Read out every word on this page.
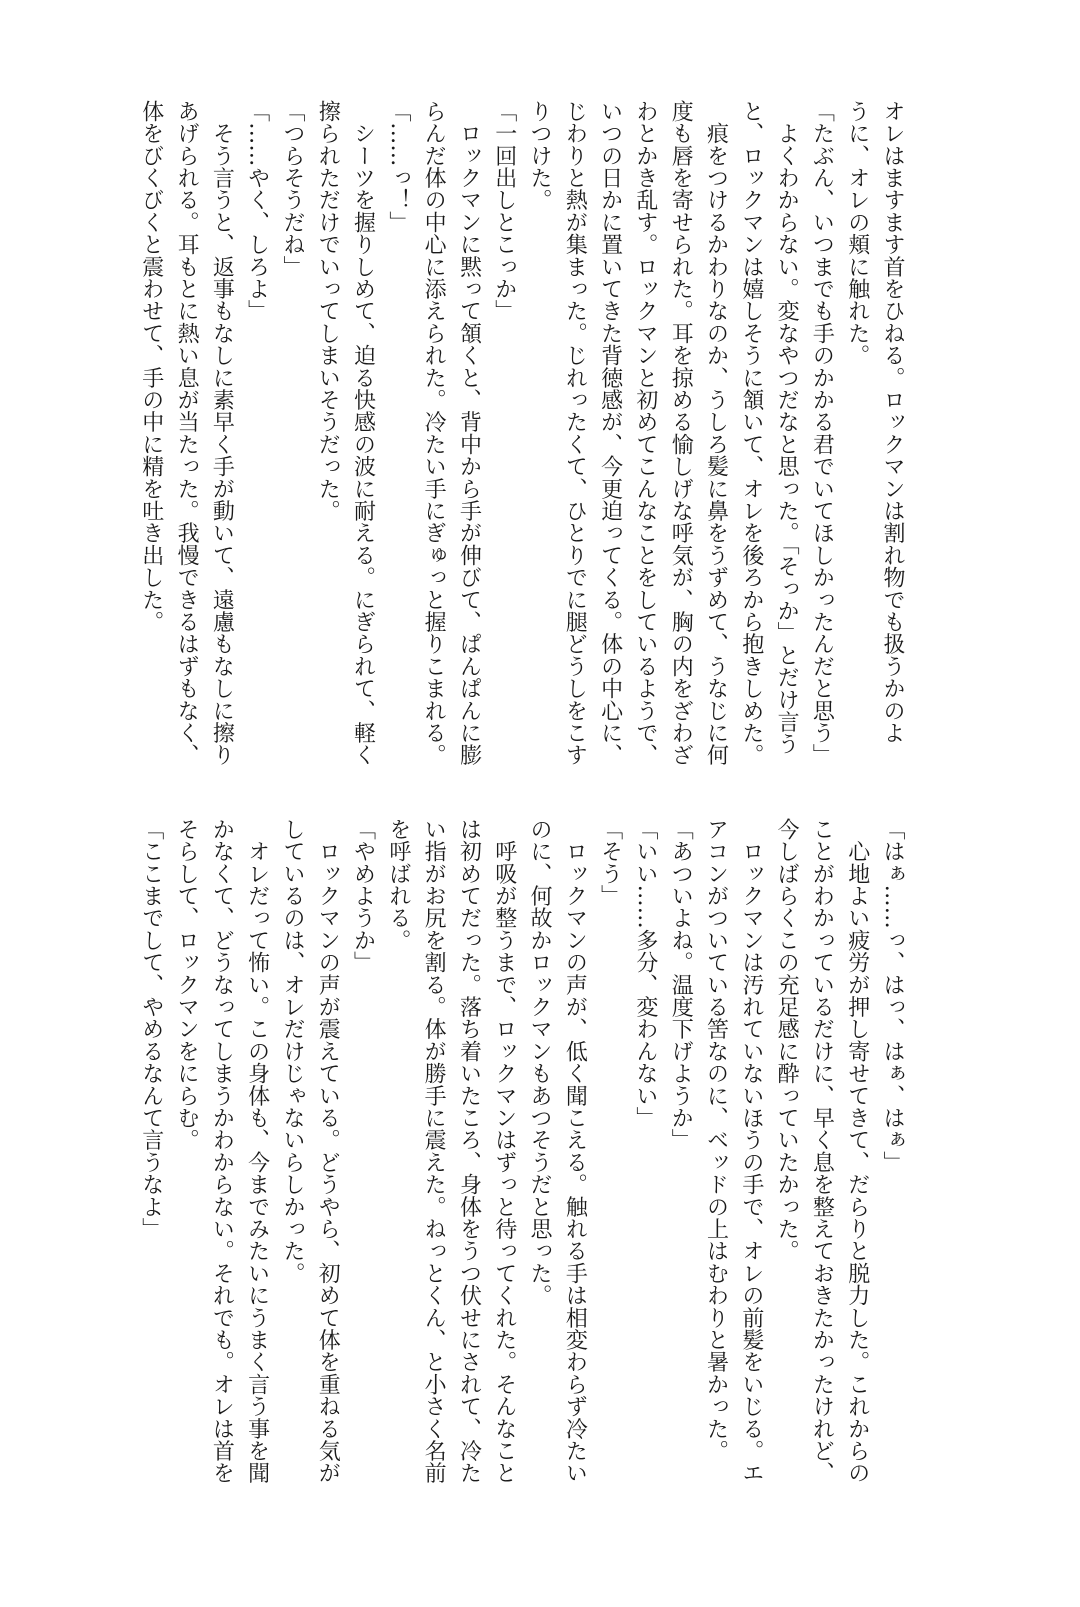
オレはますます首をひねる。ロックマンは割れ物でも扱うかのよ
うに、オレの頬に触れた。
「たぶん、いつまでも手のかかる君でいてほしかったんだと思う」
　よくわからない。変なやつだなと思った。「そっか」とだけ言う
と、ロックマンは嬉しそうに頷いて、オレを後ろから抱きしめた。
　痕をつけるかわりなのか、うしろ髪に鼻をうずめて、うなじに何
度も唇を寄せられた。耳を掠める愉しげな呼気が、胸の内をざわざ
わとかき乱す。ロックマンと初めてこんなことをしているようで、
いつの日かに置いてきた背徳感が、今更迫ってくる。体の中心に、
じわりと熱が集まった。じれったくて、ひとりでに腿どうしをこす
りつけた。
「一回出しとこっか」
　ロックマンに黙って頷くと、背中から手が伸びて、ぱんぱんに膨
らんだ体の中心に添えられた。冷たい手にぎゅっと握りこまれる。
「……っ！」
　シーツを握りしめて、迫る快感の波に耐える。にぎられて、軽く
擦られただけでいってしまいそうだった。
「つらそうだね」
「……やく、しろよ」
　そう言うと、返事もなしに素早く手が動いて、遠慮もなしに擦り
あげられる。耳もとに熱い息が当たった。我慢できるはずもなく、
体をびくびくと震わせて、手の中に精を吐き出した。
「はぁ……っ、はっ、はぁ、はぁ」
　心地よい疲労が押し寄せてきて、だらりと脱力した。これからの
ことがわかっているだけに、早く息を整えておきたかったけれど、
今しばらくこの充足感に酔っていたかった。
　ロックマンは汚れていないほうの手で、オレの前髪をいじる。エ
アコンがついている筈なのに、ベッドの上はむわりと暑かった。
「あついよね。温度下げようか」
「いい……多分、変わんない」
「そう」
　ロックマンの声が、低く聞こえる。触れる手は相変わらず冷たい
のに、何故かロックマンもあつそうだと思った。
　呼吸が整うまで、ロックマンはずっと待ってくれた。そんなこと
は初めてだった。落ち着いたころ、身体をうつ伏せにされて、冷た
い指がお尻を割る。体が勝手に震えた。ねっとくん、と小さく名前
を呼ばれる。
「やめようか」
　ロックマンの声が震えている。どうやら、初めて体を重ねる気が
しているのは、オレだけじゃないらしかった。
　オレだって怖い。この身体も、今までみたいにうまく言う事を聞
かなくて、どうなってしまうかわからない。それでも。オレは首を
そらして、ロックマンをにらむ。
「ここまでして、やめるなんて言うなよ」
